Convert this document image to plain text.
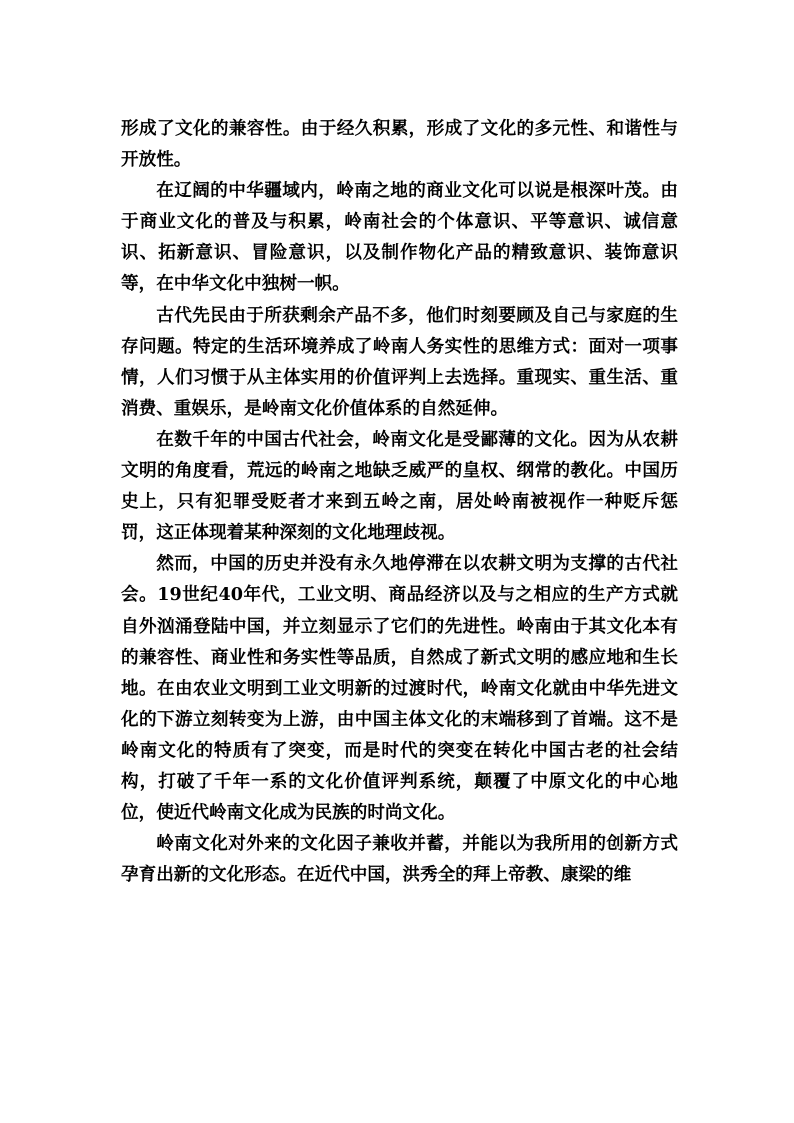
形成了文化的兼容性。由于经久积累，形成了文化的多元性、和谐性与开放性。

在辽阔的中华疆域内，岭南之地的商业文化可以说是根深叶茂。由于商业文化的普及与积累，岭南社会的个体意识、平等意识、诚信意识、拓新意识、冒险意识，以及制作物化产品的精致意识、装饰意识等，在中华文化中独树一帜。

古代先民由于所获剩余产品不多，他们时刻要顾及自己与家庭的生存问题。特定的生活环境养成了岭南人务实性的思维方式：面对一项事情，人们习惯于从主体实用的价值评判上去选择。重现实、重生活、重消费、重娱乐，是岭南文化价值体系的自然延伸。

在数千年的中国古代社会，岭南文化是受鄙薄的文化。因为从农耕文明的角度看，荒远的岭南之地缺乏威严的皇权、纲常的教化。中国历史上，只有犯罪受贬者才来到五岭之南，居处岭南被视作一种贬斥惩罚，这正体现着某种深刻的文化地理歧视。

然而，中国的历史并没有永久地停滞在以农耕文明为支撑的古代社会。19世纪40年代，工业文明、商品经济以及与之相应的生产方式就自外汹涌登陆中国，并立刻显示了它们的先进性。岭南由于其文化本有的兼容性、商业性和务实性等品质，自然成了新式文明的感应地和生长地。在由农业文明到工业文明新的过渡时代，岭南文化就由中华先进文化的下游立刻转变为上游，由中国主体文化的末端移到了首端。这不是岭南文化的特质有了突变，而是时代的突变在转化中国古老的社会结构，打破了千年一系的文化价值评判系统，颠覆了中原文化的中心地位，使近代岭南文化成为民族的时尚文化。

岭南文化对外来的文化因子兼收并蓄，并能以为我所用的创新方式孕育出新的文化形态。在近代中国，洪秀全的拜上帝教、康梁的维
